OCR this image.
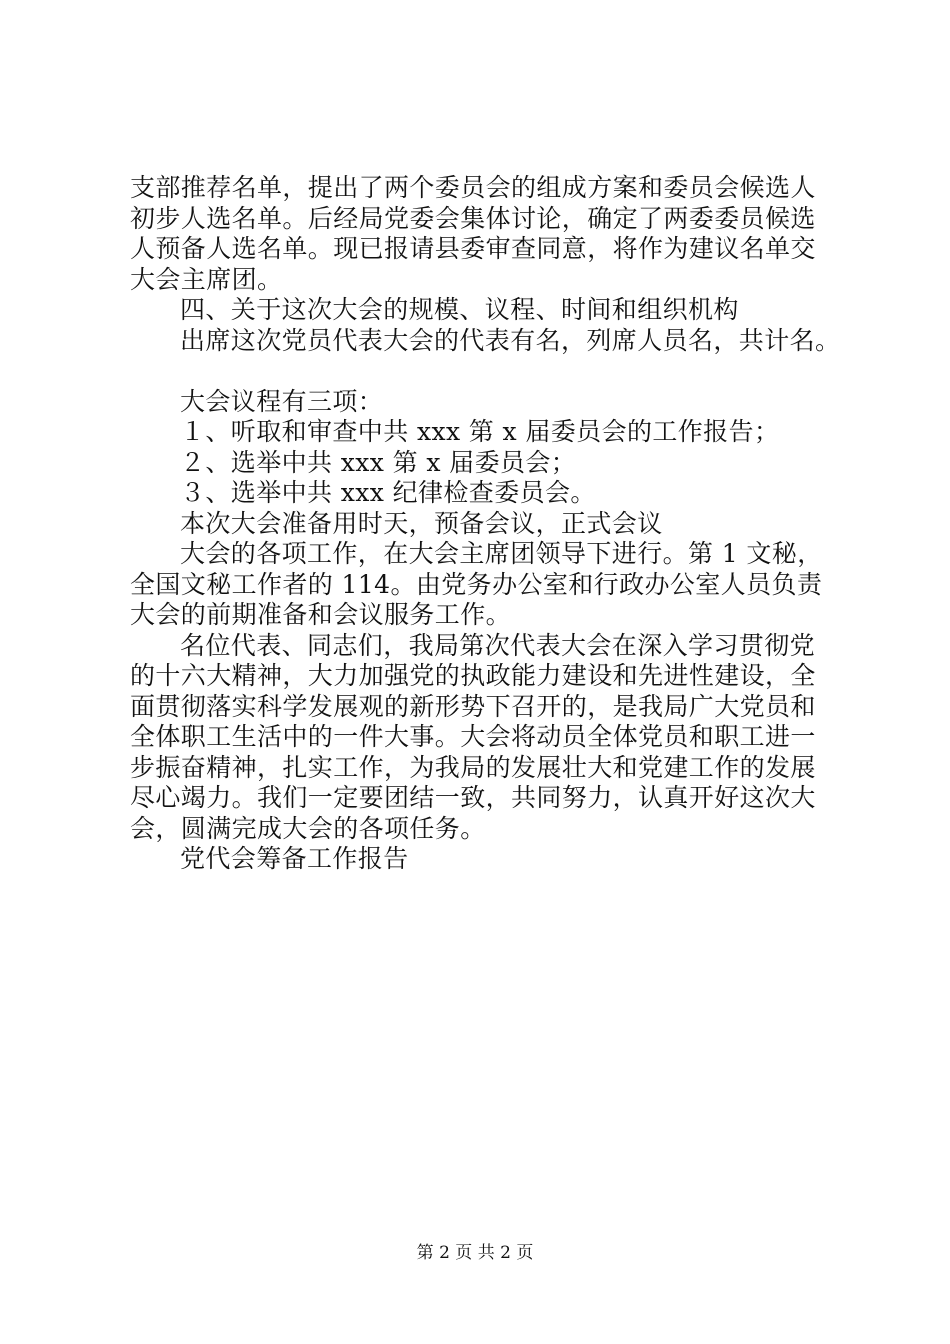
支部推荐名单，提出了两个委员会的组成方案和委员会候选人
初步人选名单。后经局党委会集体讨论，确定了两委委员候选
人预备人选名单。现已报请县委审查同意，将作为建议名单交
大会主席团。
四、关于这次大会的规模、议程、时间和组织机构
出席这次党员代表大会的代表有名，列席人员名，共计名。
大会议程有三项：
１、听取和审查中共 xxx 第 x 届委员会的工作报告；
２、选举中共 xxx 第 x 届委员会；
３、选举中共 xxx 纪律检查委员会。
本次大会准备用时天，预备会议，正式会议
大会的各项工作，在大会主席团领导下进行。第 1 文秘，
全国文秘工作者的 114。由党务办公室和行政办公室人员负责
大会的前期准备和会议服务工作。
名位代表、同志们，我局第次代表大会在深入学习贯彻党
的十六大精神，大力加强党的执政能力建设和先进性建设，全
面贯彻落实科学发展观的新形势下召开的，是我局广大党员和
全体职工生活中的一件大事。大会将动员全体党员和职工进一
步振奋精神，扎实工作，为我局的发展壮大和党建工作的发展
尽心竭力。我们一定要团结一致，共同努力，认真开好这次大
会，圆满完成大会的各项任务。
党代会筹备工作报告
第 2 页 共 2 页
